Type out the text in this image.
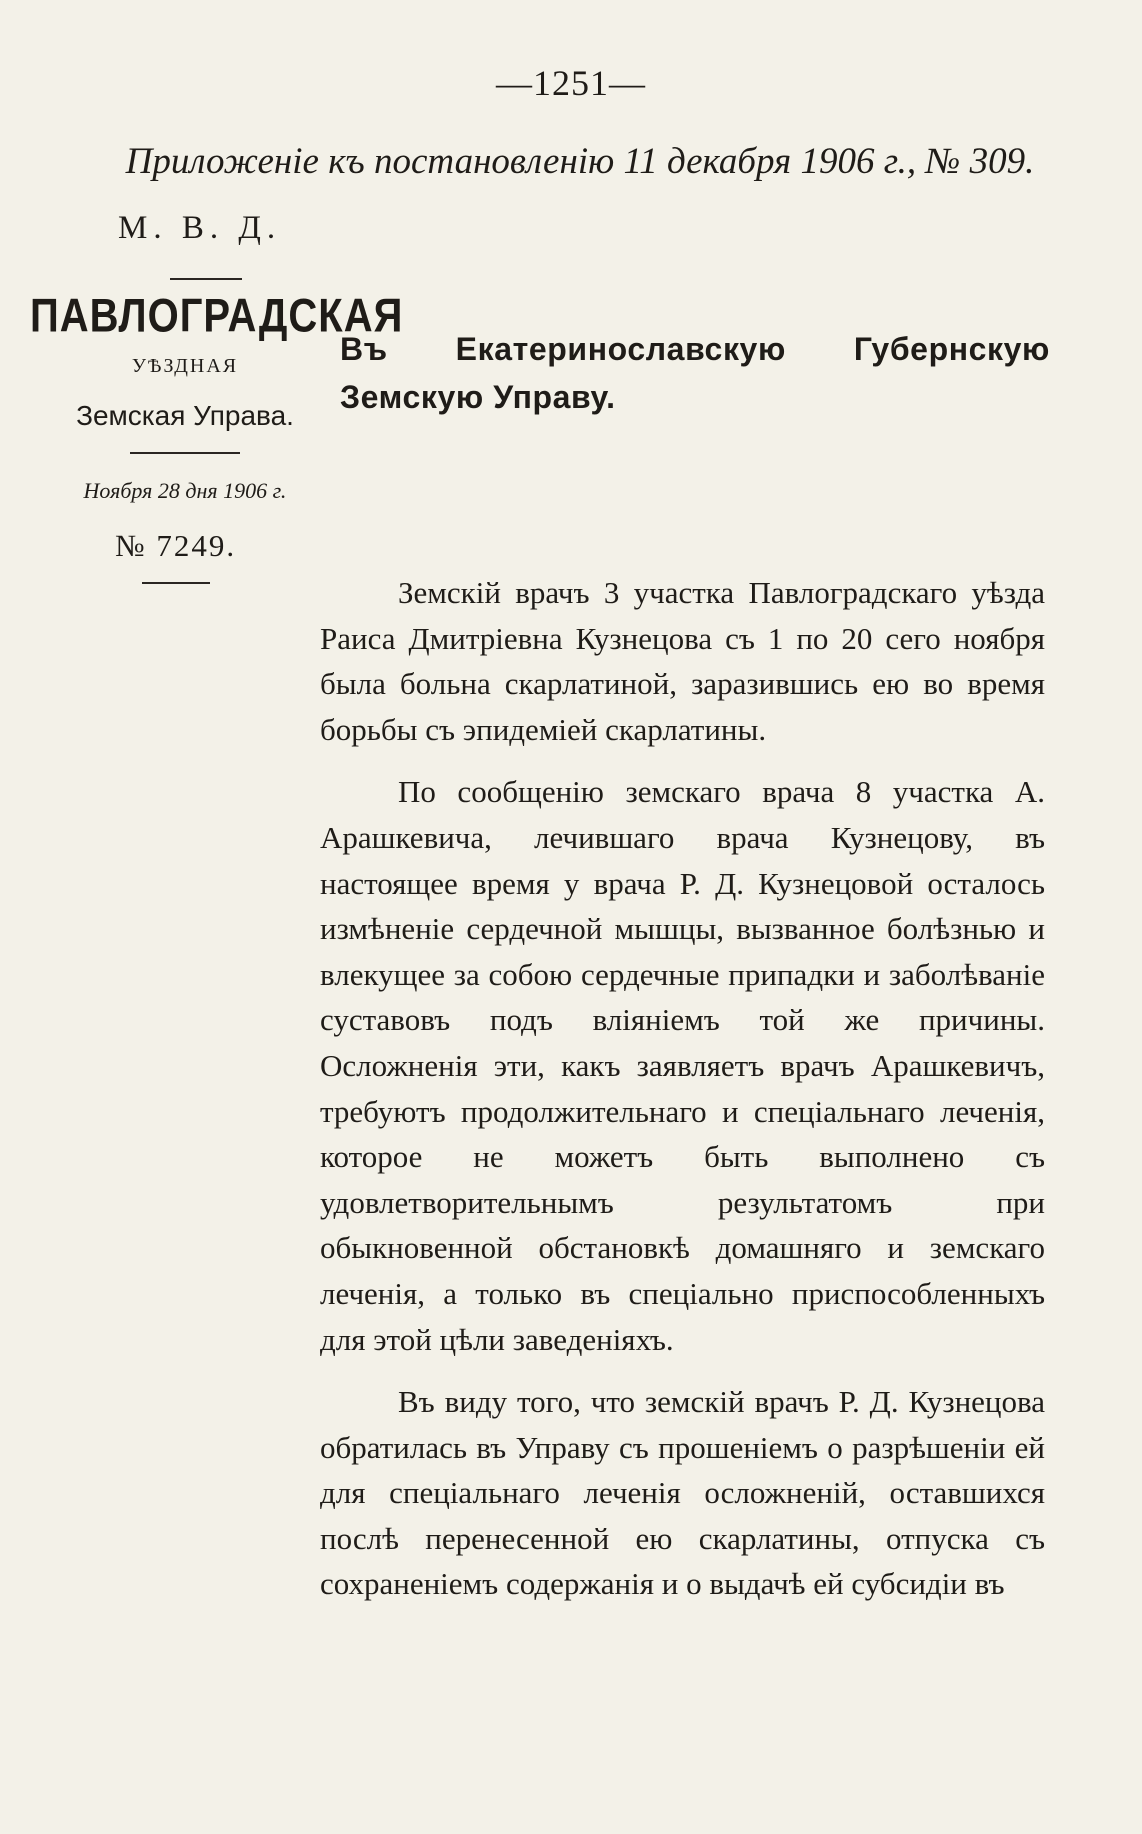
—1251—
Приложеніе къ постановленію 11 декабря 1906 г., № 309.
М. В. Д.
ПАВЛОГРАДСКАЯ
УѢЗДНАЯ
Земская Управа.
Ноября 28 дня 1906 г.
№ 7249.
Въ Екатеринославскую Губернскую Земскую Управу.

Земскій врачъ 3 участка Павлоградскаго уѣзда Раиса Дмитріевна Кузнецова съ 1 по 20 сего ноября была больна скарлатиной, заразившись ею во время борьбы съ эпидеміей скарлатины.

По сообщенію земскаго врача 8 участка А. Арашкевича, лечившаго врача Кузнецову, въ настоящее время у врача Р. Д. Кузнецовой осталось измѣненіе сердечной мышцы, вызванное болѣзнью и влекущее за собою сердечные припадки и заболѣваніе суставовъ подъ вліяніемъ той же причины. Осложненія эти, какъ заявляетъ врачъ Арашкевичъ, требуютъ продолжительнаго и спеціальнаго леченія, которое не можетъ быть выполнено съ удовлетворительнымъ результатомъ при обыкновенной обстановкѣ домашняго и земскаго леченія, а только въ спеціально приспособленныхъ для этой цѣли заведеніяхъ.

Въ виду того, что земскій врачъ Р. Д. Кузнецова обратилась въ Управу съ прошеніемъ о разрѣшеніи ей для спеціальнаго леченія осложненій, оставшихся послѣ перенесенной ею скарлатины, отпуска съ сохраненіемъ содержанія и о выдачѣ ей субсидіи въ
